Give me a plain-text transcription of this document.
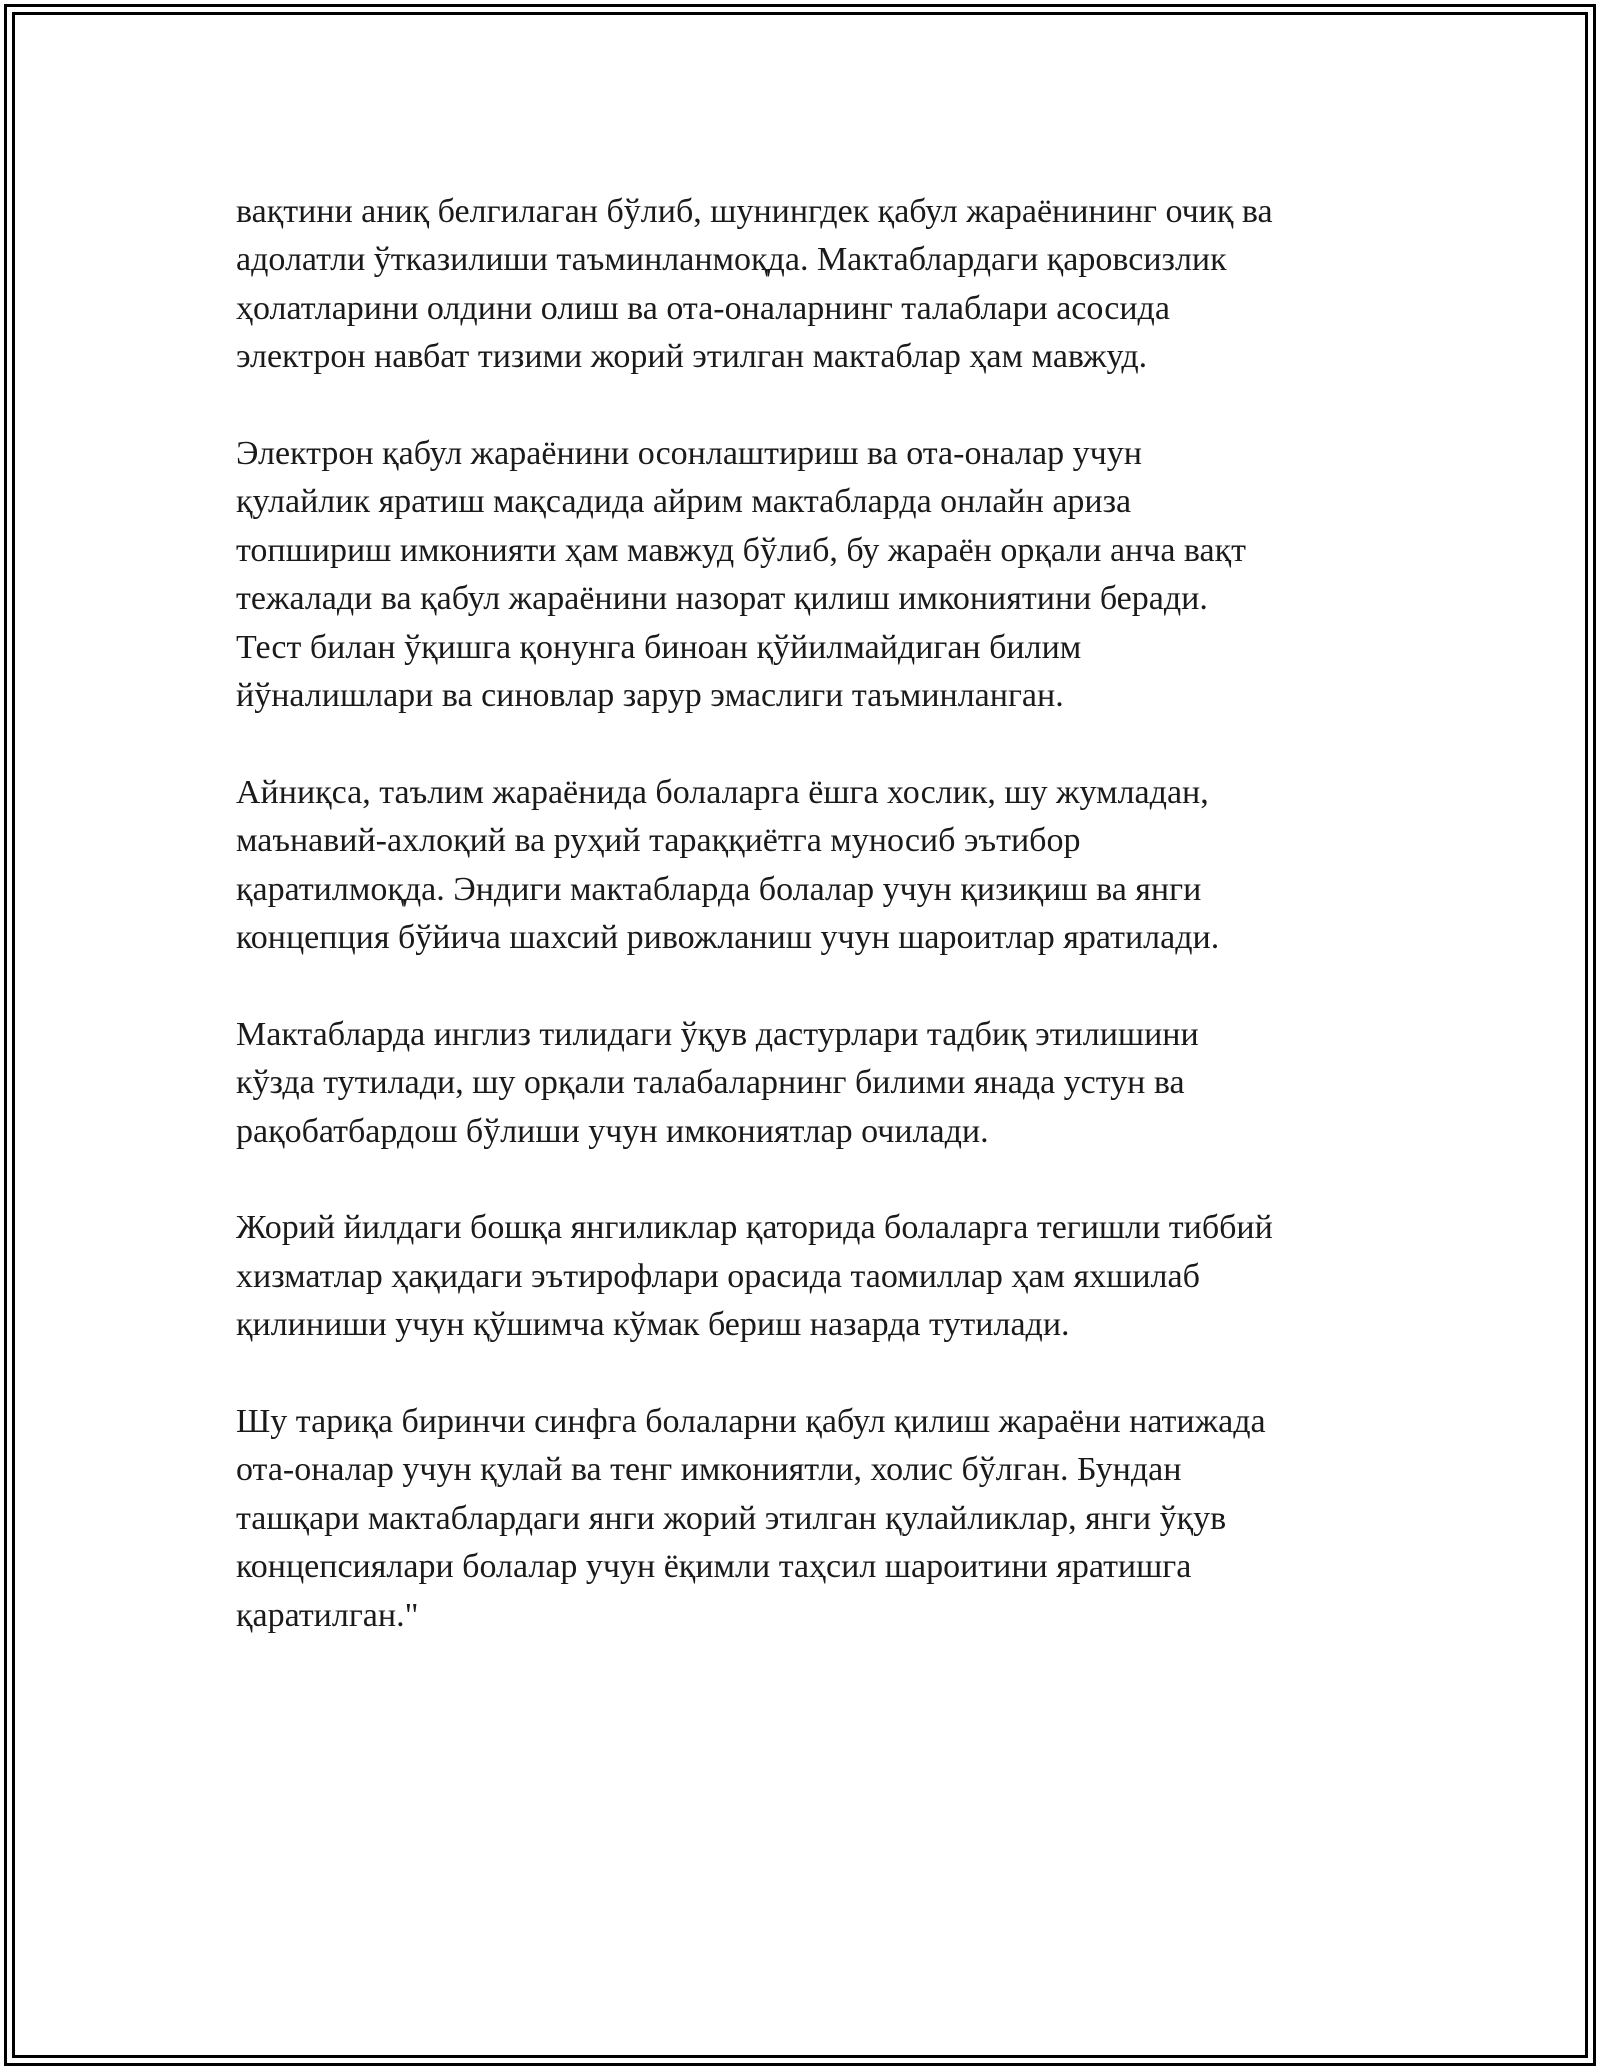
вақтини аниқ белгилаган бўлиб, шунингдек қабул жараёнининг очиқ ва
адолатли ўтказилиши таъминланмоқда. Мактаблардаги қаровсизлик
ҳолатларини олдини олиш ва ота-оналарнинг талаблари асосида
электрон навбат тизими жорий этилган мактаблар ҳам мавжуд.

Электрон қабул жараёнини осонлаштириш ва ота-оналар учун
қулайлик яратиш мақсадида айрим мактабларда онлайн ариза
топшириш имконияти ҳам мавжуд бўлиб, бу жараён орқали анча вақт
тежалади ва қабул жараёнини назорат қилиш имкониятини беради.
Тест билан ўқишга қонунга биноан қўйилмайдиган билим
йўналишлари ва синовлар зарур эмаслиги таъминланган.

Айниқса, таълим жараёнида болаларга ёшга хослик, шу жумладан,
маънавий-ахлоқий ва руҳий тараққиётга муносиб эътибор
қаратилмоқда. Эндиги мактабларда болалар учун қизиқиш ва янги
концепция бўйича шахсий ривожланиш учун шароитлар яратилади.

Мактабларда инглиз тилидаги ўқув дастурлари тадбиқ этилишини
кўзда тутилади, шу орқали талабаларнинг билими янада устун ва
рақобатбардош бўлиши учун имкониятлар очилади.

Жорий йилдаги бошқа янгиликлар қаторида болаларга тегишли тиббий
хизматлар ҳақидаги эътирофлари орасида таомиллар ҳам яхшилаб
қилиниши учун қўшимча кўмак бериш назарда тутилади.

Шу тариқа биринчи синфга болаларни қабул қилиш жараёни натижада
ота-оналар учун қулай ва тенг имкониятли, холис бўлган. Бундан
ташқари мактаблардаги янги жорий этилган қулайликлар, янги ўқув
концепсиялари болалар учун ёқимли таҳсил шароитини яратишга
қаратилган."
